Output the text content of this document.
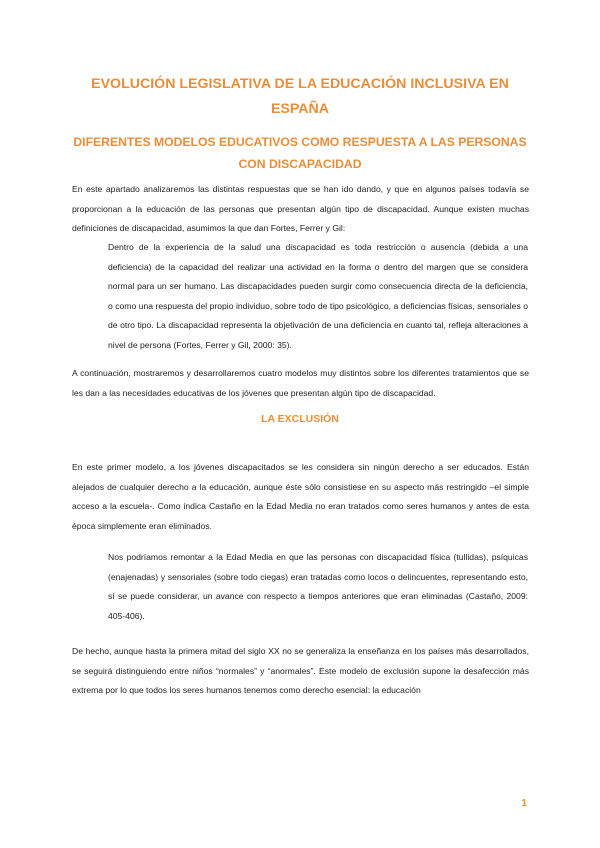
EVOLUCIÓN LEGISLATIVA DE LA EDUCACIÓN INCLUSIVA EN ESPAÑA
DIFERENTES MODELOS EDUCATIVOS COMO RESPUESTA A LAS PERSONAS CON DISCAPACIDAD

En este apartado analizaremos las distintas respuestas que se han ido dando, y que en algunos países todavía se proporcionan a la educación de las personas que presentan algún tipo de discapacidad. Aunque existen muchas definiciones de discapacidad, asumimos la que dan Fortes, Ferrer y Gil:

Dentro de la experiencia de la salud una discapacidad es toda restricción o ausencia (debida a una deficiencia) de la capacidad del realizar una actividad en la forma o dentro del margen que se considera normal para un ser humano. Las discapacidades pueden surgir como consecuencia directa de la deficiencia, o como una respuesta del propio individuo, sobre todo de tipo psicológico, a deficiencias físicas, sensoriales o de otro tipo. La discapacidad representa la objetivación de una deficiencia en cuanto tal, refleja alteraciones a nivel de persona (Fortes, Ferrer y Gil, 2000: 35).

A continuación, mostraremos y desarrollaremos cuatro modelos muy distintos sobre los diferentes tratamientos que se les dan a las necesidades educativas de los jóvenes que presentan algún tipo de discapacidad.

LA EXCLUSIÓN

En este primer modelo, a los jóvenes discapacitados se les considera sin ningún derecho a ser educados. Están alejados de cualquier derecho a la educación, aunque éste sólo consistiese en su aspecto más restringido –el simple acceso a la escuela-. Como indica Castaño en la Edad Media no eran tratados como seres humanos y antes de esta época simplemente eran eliminados.

Nos podríamos remontar a la Edad Media en que las personas con discapacidad física (tullidas), psíquicas (enajenadas) y sensoriales (sobre todo ciegas) eran tratadas como locos o delincuentes, representando esto, sí se puede considerar, un avance con respecto a tiempos anteriores que eran eliminadas (Castaño, 2009: 405-406).

De hecho, aunque hasta la primera mitad del siglo XX no se generaliza la enseñanza en los países más desarrollados, se seguirá distinguiendo entre niños “normales” y “anormales”. Este modelo de exclusión supone la desafección más extrema por lo que todos los seres humanos tenemos como derecho esencial: la educación

1
